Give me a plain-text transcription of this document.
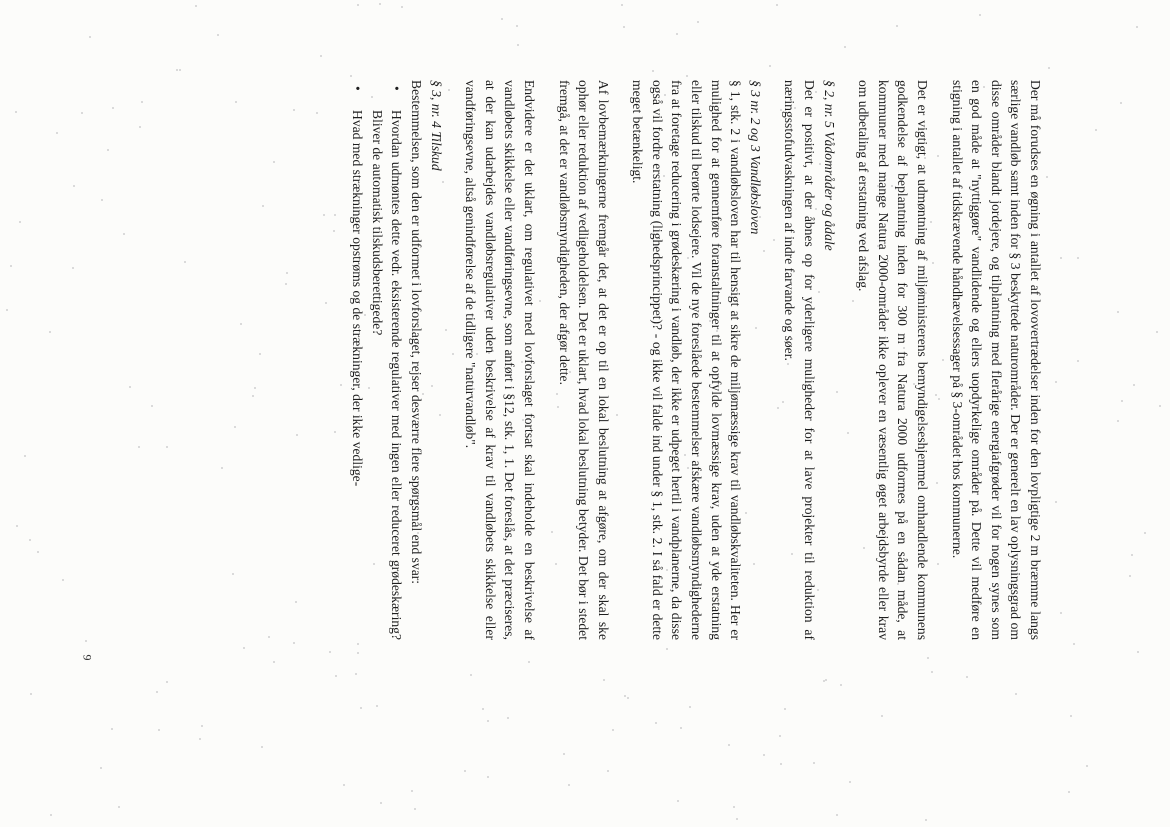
Der må forudses en øgning i antallet af lovovertrædelser inden for den lovpligtige 2 m bræmme langs særlige vandløb samt inden for § 3 beskyttede naturområder. Der er generelt en lav oplysningsgrad om disse områder blandt jordejere, og tilplantning med flerårige energiafgrøder vil for nogen synes som en god måde at "nyttiggøre" vandlidende og ellers uopdyrkelige områder på. Dette vil medføre en stigning i antallet af tidskrævende håndhævelsessager på § 3-området hos kommunerne.

Det er vigtigt, at udmøntning af miljøministerens bemyndigelseshjemmel omhandlende kommunens godkendelse af beplantning inden for 300 m fra Natura 2000 udformes på en sådan måde, at kommuner med mange Natura 2000-områder ikke oplever en væsentlig øget arbejdsbyrde eller krav om udbetaling af erstatning ved afslag.

§ 2, nr. 5 Vådområder og ådale

Det er positivt, at der åbnes op for yderligere muligheder for at lave projekter til reduktion af næringsstofudvaskningen af indre farvande og søer.

§ 3 nr. 2 og 3 Vandløbsloven

§ 1, stk. 2 i vandløbsloven har til hensigt at sikre de miljømæssige krav til vandløbskvaliteten. Her er mulighed for at gennemføre foranstaltninger til at opfylde lovmæssige krav, uden at yde erstatning eller tilskud til berørte lodsejere. Vil de nye foreslåede bestemmelser afskære vandløbsmyndighederne fra at foretage reducering i grødeskæring i vandløb, der ikke er udpeget hertil i vandplanerne, da disse også vil fordre erstatning (lighedsprincippet)? - og ikke vil falde ind under § 1, stk. 2. I så fald er dette meget betænkeligt.

Af lovbemærkningerne fremgår det, at det er op til en lokal beslutning at afgøre, om der skal ske ophør eller reduktion af vedligeholdelsen. Det er uklart, hvad lokal beslutning betyder. Det bør i stedet fremgå, at det er vandløbsmyndigheden, der afgør dette.

Endvidere er det uklart, om regulativet med lovforslaget fortsat skal indeholde en beskrivelse af vandløbets skikkelse eller vandføringsevne, som anført i §12, stk. 1, 1. Det foreslås, at det præciseres, at der kan udarbejdes vandløbsregulativer uden beskrivelse af krav til vandløbets skikkelse eller vandføringsevne, altså genindførelse af de tidligere "naturvandløb".

§ 3, nr. 4 Tilskud

Bestemmelsen, som den er udformet i lovforslaget, rejser desværre flere spørgsmål end svar:

• Hvordan udmøntes dette vedr. eksisterende regulativer med ingen eller reduceret grødeskæring? Bliver de automatisk tilskudsberettigede?
• Hvad med strækninger opstrøms og de strækninger, der ikke vedlige-
9
